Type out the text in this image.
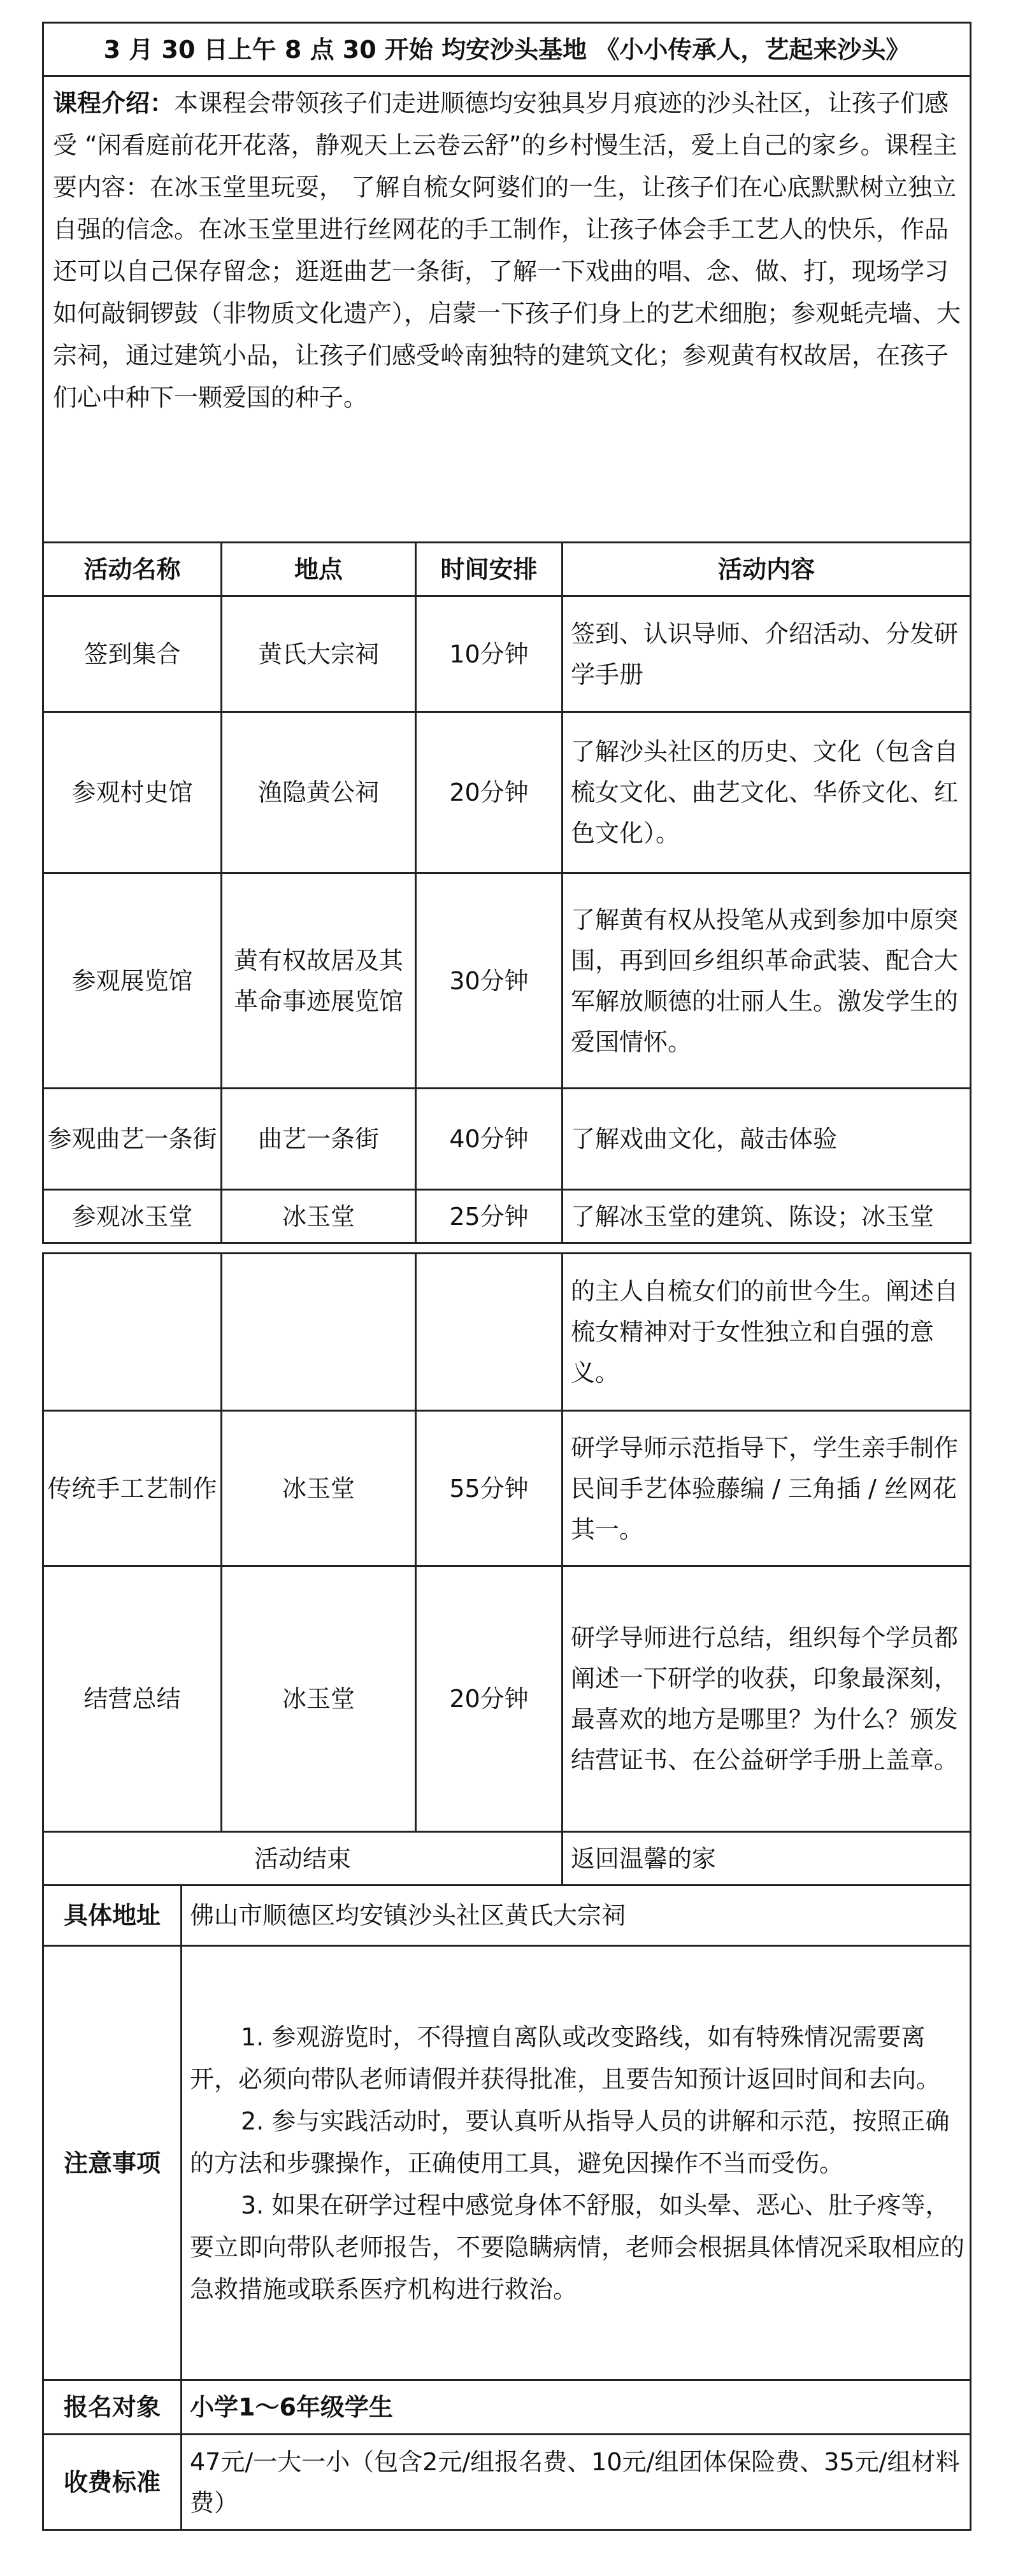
3 月 30 日上午 8 点 30 开始 均安沙头基地 《小小传承人，艺起来沙头》			
课程介绍：本课程会带领孩子们走进顺德均安独具岁月痕迹的沙头社区，让孩子们感受 “闲看庭前花开花落，静观天上云卷云舒”的乡村慢生活，爱上自己的家乡。课程主要内容：在冰玉堂里玩耍， 了解自梳女阿婆们的一生，让孩子们在心底默默树立独立自强的信念。在冰玉堂里进行丝网花的手工制作，让孩子体会手工艺人的快乐，作品还可以自己保存留念；逛逛曲艺一条街，了解一下戏曲的唱、念、做、打，现场学习如何敲铜锣鼓（非物质文化遗产），启蒙一下孩子们身上的艺术细胞；参观蚝壳墙、大宗祠，通过建筑小品，让孩子们感受岭南独特的建筑文化；参观黄有权故居，在孩子们心中种下一颗爱国的种子。			
活动名称	地点	时间安排	活动内容
签到集合	黄氏大宗祠	10分钟	签到、认识导师、介绍活动、分发研学手册
参观村史馆	渔隐黄公祠	20分钟	了解沙头社区的历史、文化（包含自梳女文化、曲艺文化、华侨文化、红色文化）。
参观展览馆	黄有权故居及其革命事迹展览馆	30分钟	了解黄有权从投笔从戎到参加中原突围，再到回乡组织革命武装、配合大军解放顺德的壮丽人生。激发学生的爱国情怀。
参观曲艺一条街	曲艺一条街	40分钟	了解戏曲文化，敲击体验
参观冰玉堂	冰玉堂	25分钟	了解冰玉堂的建筑、陈设；冰玉堂
			的主人自梳女们的前世今生。阐述自梳女精神对于女性独立和自强的意义。
传统手工艺制作	冰玉堂	55分钟	研学导师示范指导下，学生亲手制作民间手艺体验藤编 / 三角插 / 丝网花其一。
结营总结	冰玉堂	20分钟	研学导师进行总结，组织每个学员都阐述一下研学的收获，印象最深刻，最喜欢的地方是哪里？为什么？颁发结营证书、在公益研学手册上盖章。
活动结束			返回温馨的家
具体地址	佛山市顺德区均安镇沙头社区黄氏大宗祠
注意事项	1. 参观游览时，不得擅自离队或改变路线，如有特殊情况需要离开，必须向带队老师请假并获得批准，且要告知预计返回时间和去向。

2. 参与实践活动时，要认真听从指导人员的讲解和示范，按照正确的方法和步骤操作，正确使用工具，避免因操作不当而受伤。

3. 如果在研学过程中感觉身体不舒服，如头晕、恶心、肚子疼等，要立即向带队老师报告，不要隐瞒病情，老师会根据具体情况采取相应的急救措施或联系医疗机构进行救治。

报名对象	小学1～6年级学生
收费标准	47元/一大一小（包含2元/组报名费、10元/组团体保险费、35元/组材料费）
